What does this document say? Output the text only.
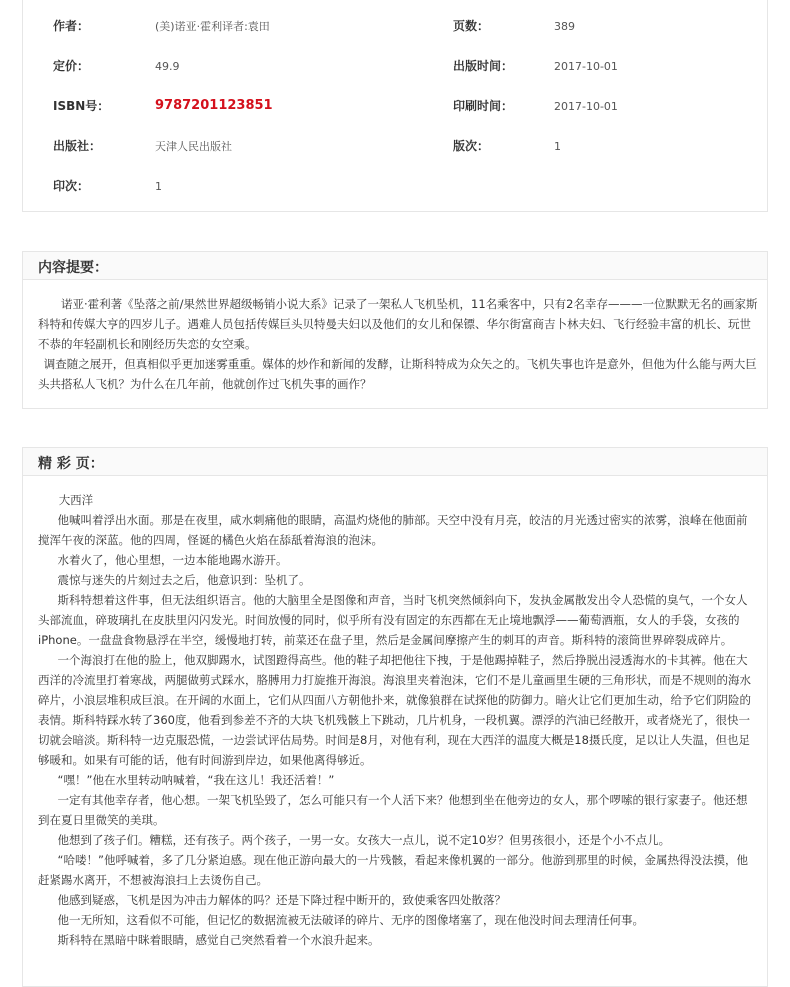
作者：	(美)诺亚·霍利译者:袁田	页数：	389
定价：	49.9	出版时间：	2017-10-01
ISBN号：	9787201123851	印刷时间：	2017-10-01
出版社：	天津人民出版社	版次：	1
印次：	1
内容提要：

诺亚·霍利著《坠落之前/果然世界超级畅销小说大系》记录了一架私人飞机坠机，11名乘客中，只有2名幸存———一位默默无名的画家斯科特和传媒大亨的四岁儿子。遇难人员包括传媒巨头贝特曼夫妇以及他们的女儿和保镖、华尔街富商吉卜林夫妇、飞行经验丰富的机长、玩世不恭的年轻副机长和刚经历失恋的女空乘。

调查随之展开，但真相似乎更加迷雾重重。媒体的炒作和新闻的发酵，让斯科特成为众矢之的。飞机失事也许是意外，但他为什么能与两大巨头共搭私人飞机？为什么在几年前，他就创作过飞机失事的画作？

精 彩 页：

大西洋

他喊叫着浮出水面。那是在夜里，咸水刺痛他的眼睛，高温灼烧他的肺部。天空中没有月亮，皎洁的月光透过密实的浓雾，浪峰在他面前搅浑午夜的深蓝。他的四周，怪诞的橘色火焰在舔舐着海浪的泡沫。

水着火了，他心里想，一边本能地踢水游开。

震惊与迷失的片刻过去之后，他意识到：坠机了。

斯科特想着这件事，但无法组织语言。他的大脑里全是图像和声音，当时飞机突然倾斜向下，发执金属散发出令人恐慌的臭气，一个女人头部流血，碎玻璃扎在皮肤里闪闪发光。时间放慢的同时，似乎所有没有固定的东西都在无止境地飘浮——葡萄酒瓶，女人的手袋，女孩的iPhone。一盘盘食物悬浮在半空，缓慢地打转，前菜还在盘子里，然后是金属间摩擦产生的刺耳的声音。斯科特的滚筒世界碎裂成碎片。

一个海浪打在他的脸上，他双脚踢水，试图蹬得高些。他的鞋子却把他往下拽，于是他踢掉鞋子，然后挣脱出浸透海水的卡其裤。他在大西洋的冷流里打着寒战，两腿做剪式踩水，胳膊用力打旋推开海浪。海浪里夹着泡沫，它们不是儿童画里生硬的三角形状，而是不规则的海水碎片，小浪层堆积成巨浪。在开阔的水面上，它们从四面八方朝他扑来，就像狼群在试探他的防御力。暗火让它们更加生动，给予它们阴险的表情。斯科特踩水转了360度，他看到参差不齐的大块飞机残骸上下跳动，几片机身，一段机翼。漂浮的汽油已经散开，或者烧光了，很快一切就会暗淡。斯科特一边克服恐慌，一边尝试评估局势。时间是8月，对他有利，现在大西洋的温度大概是18摄氏度，足以让人失温，但也足够暖和。如果有可能的话，他有时间游到岸边，如果他离得够近。

“嘿！”他在水里转动呐喊着，“我在这儿！我还活着！”

一定有其他幸存者，他心想。一架飞机坠毁了，怎么可能只有一个人活下来？他想到坐在他旁边的女人，那个啰嗦的银行家妻子。他还想到在夏日里微笑的美琪。

他想到了孩子们。糟糕，还有孩子。两个孩子，一男一女。女孩大一点儿，说不定10岁？但男孩很小，还是个小不点儿。

“哈喽！”他呼喊着，多了几分紧迫感。现在他正游向最大的一片残骸，看起来像机翼的一部分。他游到那里的时候，金属热得没法摸，他赶紧踢水离开，不想被海浪扫上去烫伤自己。

他感到疑惑，飞机是因为冲击力解体的吗？还是下降过程中断开的，致使乘客四处散落？

他一无所知，这看似不可能，但记忆的数据流被无法破译的碎片、无序的图像堵塞了，现在他没时间去理清任何事。

斯科特在黑暗中眯着眼睛，感觉自己突然看着一个水浪升起来。
